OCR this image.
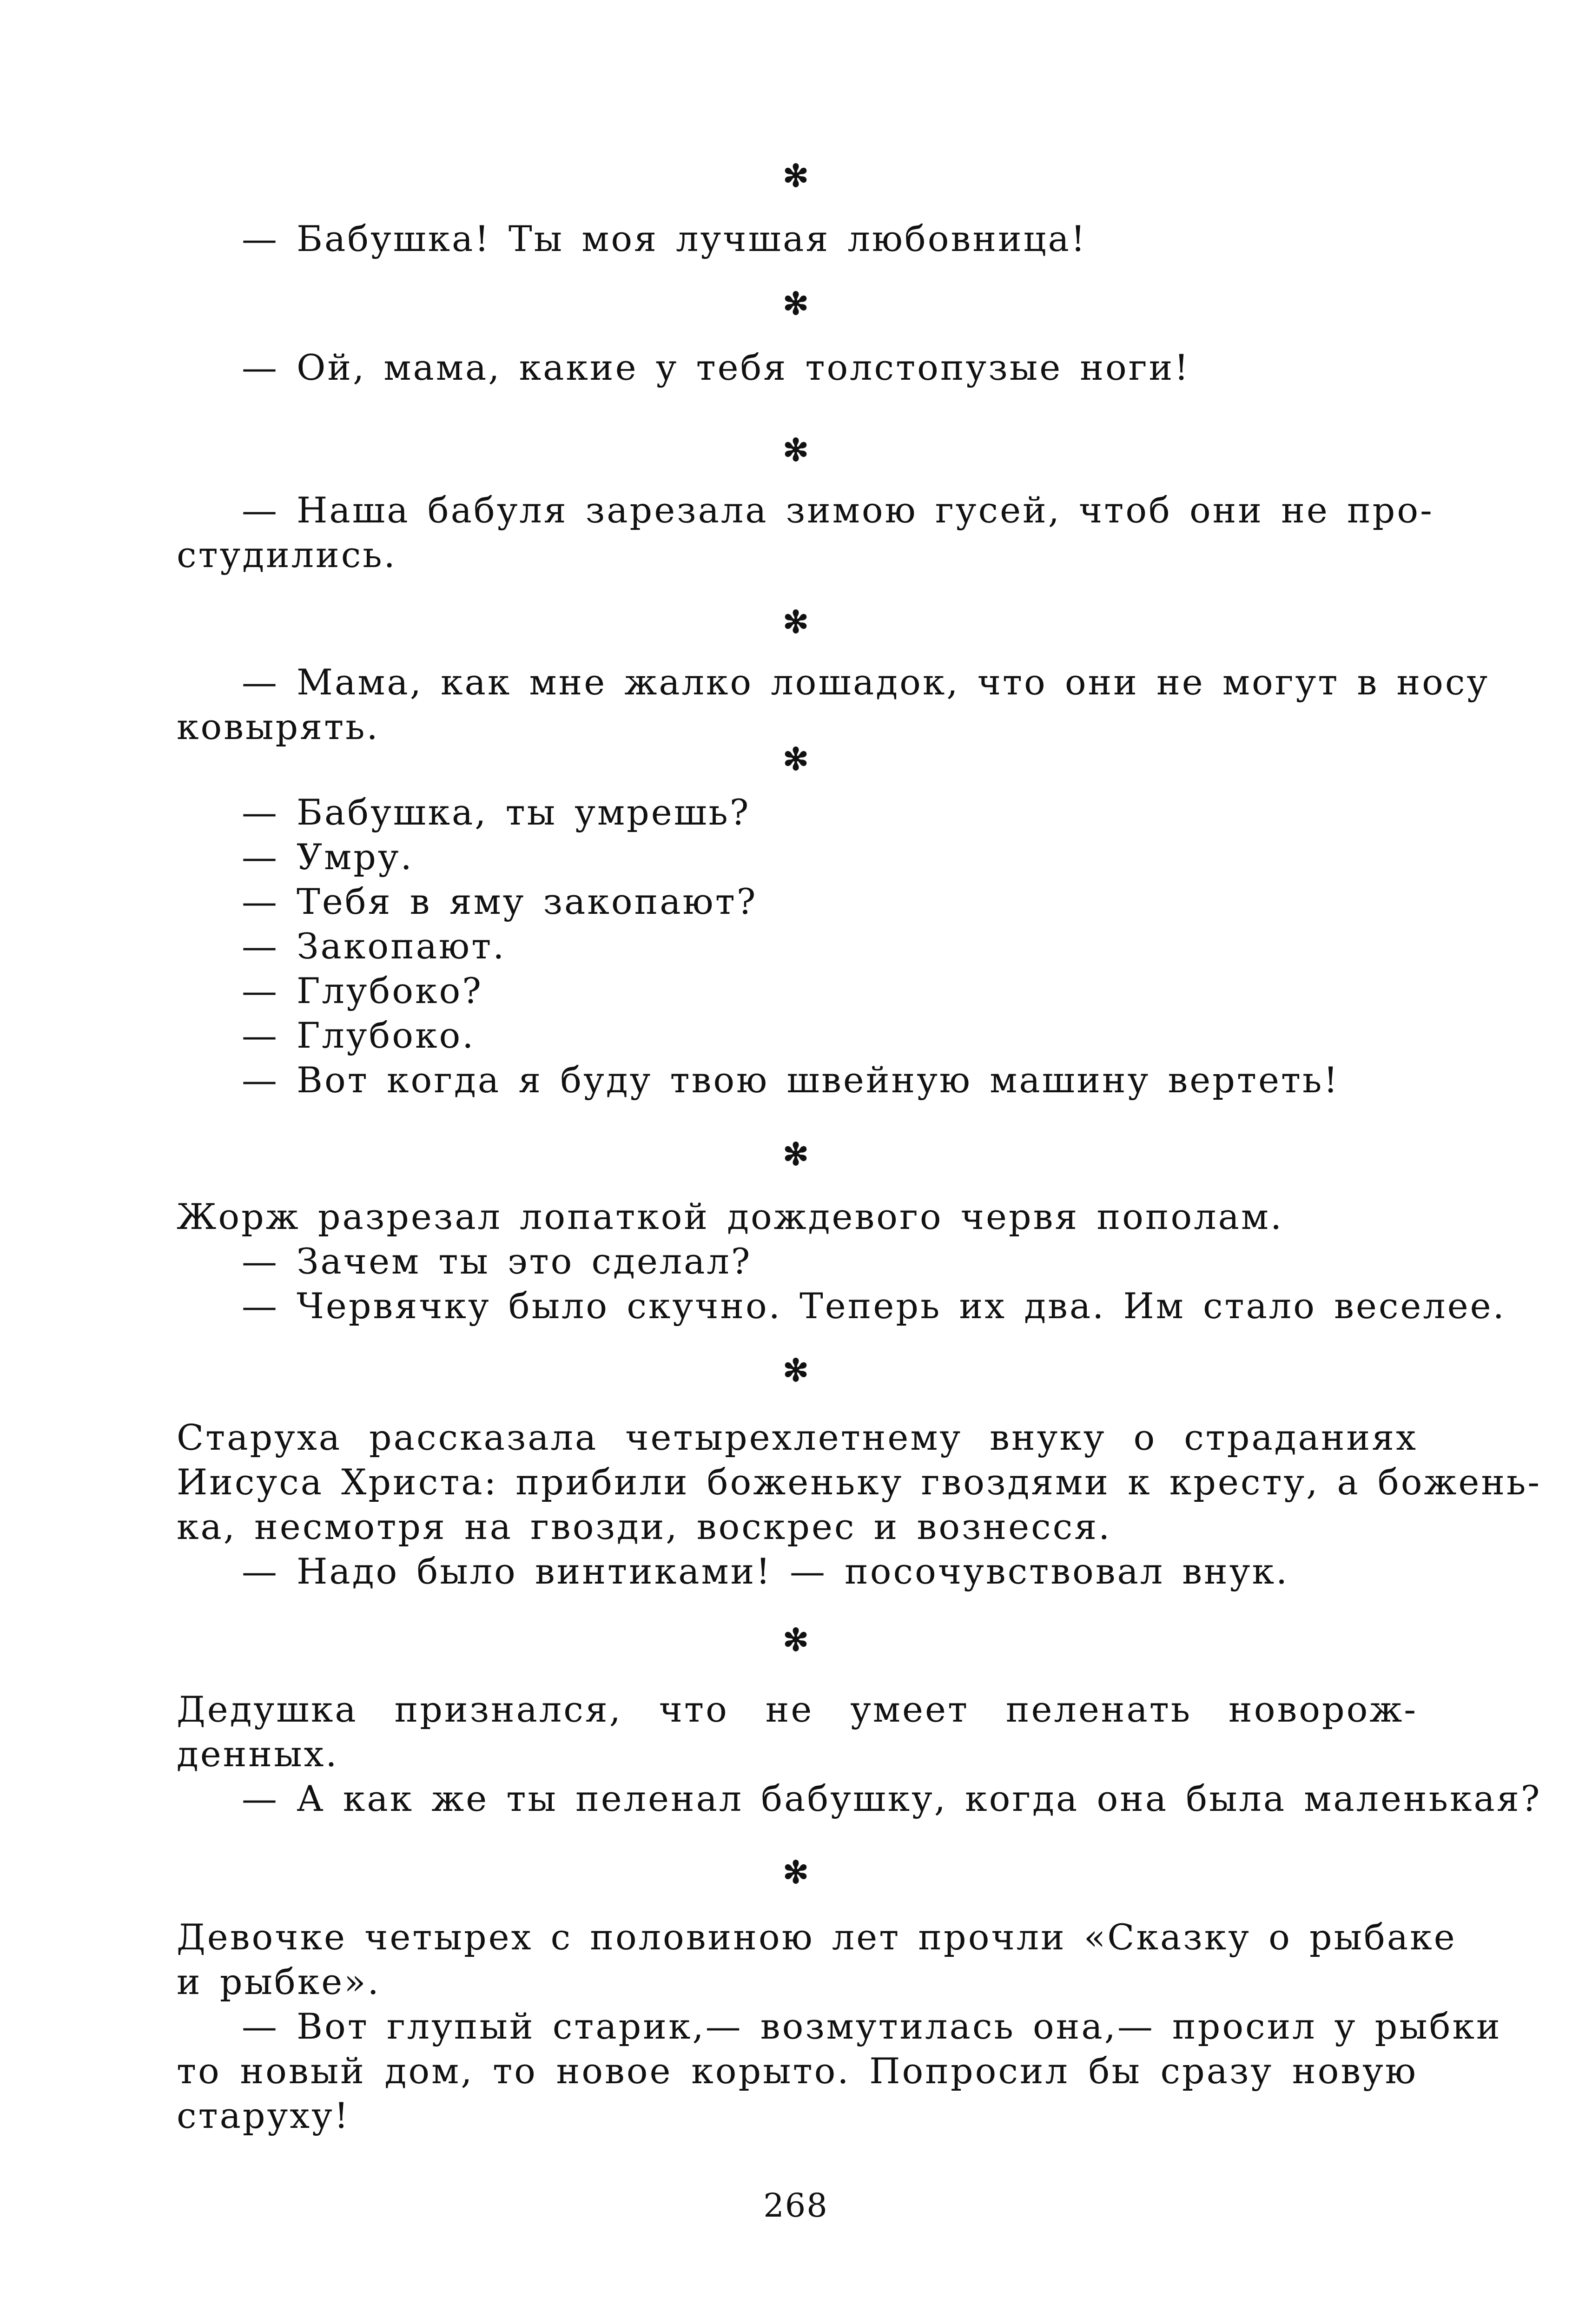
✻
— Бабушка! Ты моя лучшая любовница!
✻
— Ой, мама, какие у тебя толстопузые ноги!
✻
— Наша бабуля зарезала зимою гусей, чтоб они не про-
студились.
✻
— Мама, как мне жалко лошадок, что они не могут в носу
ковырять.
✻
— Бабушка, ты умрешь?
— Умру.
— Тебя в яму закопают?
— Закопают.
— Глубоко?
— Глубоко.
— Вот когда я буду твою швейную машину вертеть!
✻
Жорж разрезал лопаткой дождевого червя пополам.
— Зачем ты это сделал?
— Червячку было скучно. Теперь их два. Им стало веселее.
✻
Старуха рассказала четырехлетнему внуку о страданиях
Иисуса Христа: прибили боженьку гвоздями к кресту, а божень-
ка, несмотря на гвозди, воскрес и вознесся.
— Надо было винтиками! — посочувствовал внук.
✻
Дедушка признался, что не умеет пеленать новорож-
денных.
— А как же ты пеленал бабушку, когда она была маленькая?
✻
Девочке четырех с половиною лет прочли «Сказку о рыбаке
и рыбке».
— Вот глупый старик,— возмутилась она,— просил у рыбки
то новый дом, то новое корыто. Попросил бы сразу новую
старуху!
268
